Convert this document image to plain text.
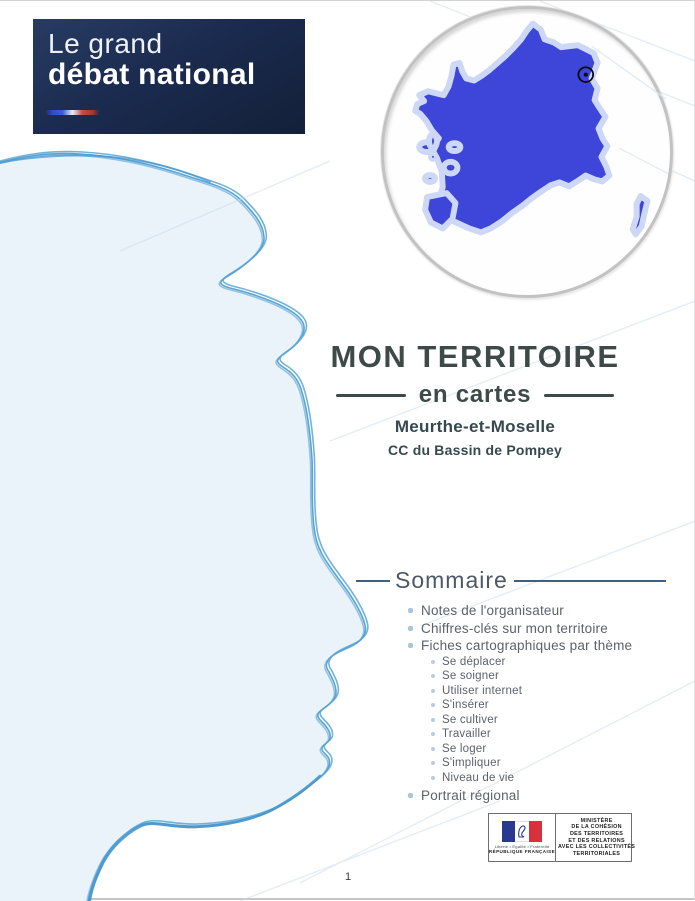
Le grand
débat national
MON TERRITOIRE
en cartes
Meurthe-et-Moselle
CC du Bassin de Pompey
Sommaire
Notes de l'organisateur
Chiffres-clés sur mon territoire
Fiches cartographiques par thème
Se déplacer
Se soigner
Utiliser internet
S'insérer
Se cultiver
Travailler
Se loger
S'impliquer
Niveau de vie
Portrait régional
Liberté • Égalité • Fraternité
RÉPUBLIQUE FRANÇAISE
MINISTÈRE
DE LA COHÉSION
DES TERRITOIRES
ET DES RELATIONS
AVEC LES COLLECTIVITÉS
TERRITORIALES
1
